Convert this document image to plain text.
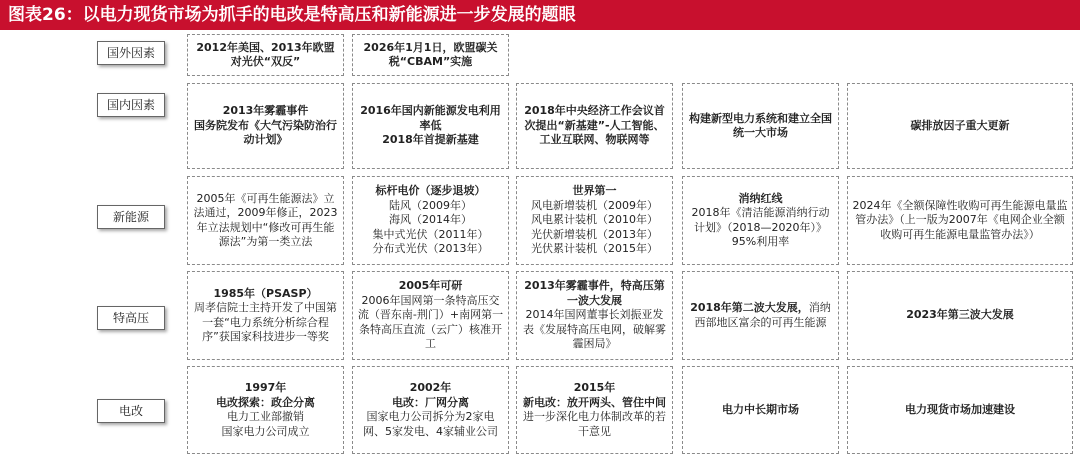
图表26：以电力现货市场为抓手的电改是特高压和新能源进一步发展的题眼
国外因素
国内因素
新能源
特高压
电改
2012年美国、2013年欧盟对光伏“双反”
2026年1月1日，欧盟碳关税“CBAM”实施
2013年雾霾事件
国务院发布《大气污染防治行动计划》
2016年国内新能源发电利用率低
2018年首提新基建
2018年中央经济工作会议首次提出“新基建”-人工智能、工业互联网、物联网等
构建新型电力系统和建立全国统一大市场
碳排放因子重大更新
2005年《可再生能源法》立法通过，2009年修正，2023年立法规划中“修改可再生能源法”为第一类立法
标杆电价（逐步退坡）
陆风（2009年）
海风（2014年）
集中式光伏（2011年）
分布式光伏（2013年）
世界第一
风电新增装机（2009年）
风电累计装机（2010年）
光伏新增装机（2013年）
光伏累计装机（2015年）
消纳红线
2018年《清洁能源消纳行动计划》（2018—2020年）》95%利用率
2024年《全额保障性收购可再生能源电量监管办法》（上一版为2007年《电网企业全额收购可再生能源电量监管办法》）
1985年（PSASP）
周孝信院士主持开发了中国第一套“电力系统分析综合程序”获国家科技进步一等奖
2005年可研
2006年国网第一条特高压交流（晋东南-荆门）+南网第一条特高压直流（云广）核准开工
2013年雾霾事件，特高压第一波大发展
2014年国网董事长刘振亚发表《发展特高压电网，破解雾霾困局》
2018年第二波大发展，消纳西部地区富余的可再生能源
2023年第三波大发展
1997年
电改探索：政企分离
电力工业部撤销
国家电力公司成立
2002年
电改：厂网分离
国家电力公司拆分为2家电网、5家发电、4家辅业公司
2015年
新电改：放开两头、管住中间
进一步深化电力体制改革的若干意见
电力中长期市场	电力现货市场加速建设
